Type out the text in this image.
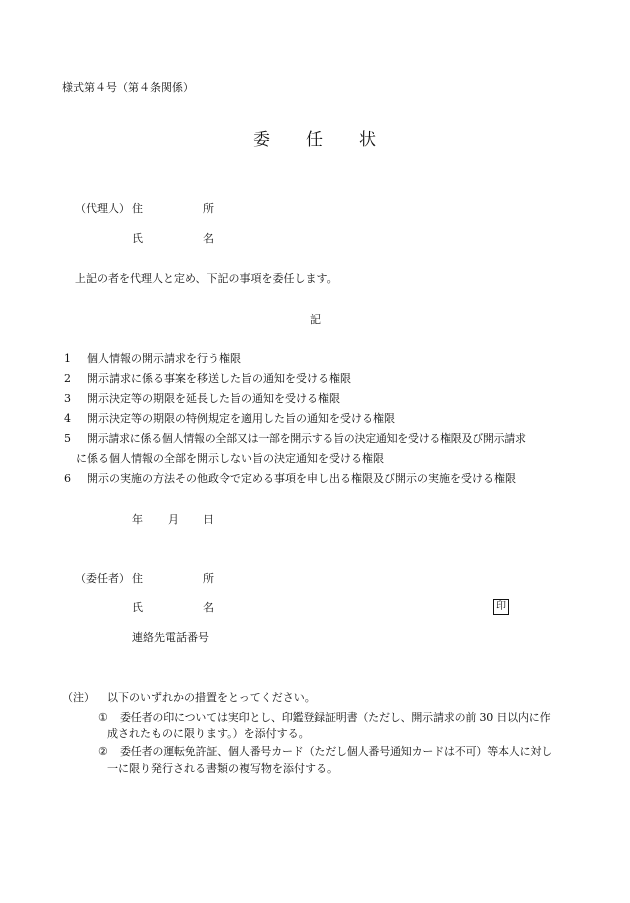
様式第４号（第４条関係）
委 任 状
（代理人） 住	所
氏	名
上記の者を代理人と定め、下記の事項を委任します。
記
1 個人情報の開示請求を行う権限
2 開示請求に係る事案を移送した旨の通知を受ける権限
3 開示決定等の期限を延長した旨の通知を受ける権限
4 開示決定等の期限の特例規定を適用した旨の通知を受ける権限
5 開示請求に係る個人情報の全部又は一部を開示する旨の決定通知を受ける権限及び開示請求
に係る個人情報の全部を開示しない旨の決定通知を受ける権限
6 開示の実施の方法その他政令で定める事項を申し出る権限及び開示の実施を受ける権限
年 月 日
（委任者） 住	所
氏	名	印
連絡先電話番号
（注） 以下のいずれかの措置をとってください。
① 委任者の印については実印とし、印鑑登録証明書（ただし、開示請求の前 30 日以内に作
成されたものに限ります。）を添付する。
② 委任者の運転免許証、個人番号カード（ただし個人番号通知カードは不可）等本人に対し
一に限り発行される書類の複写物を添付する。
